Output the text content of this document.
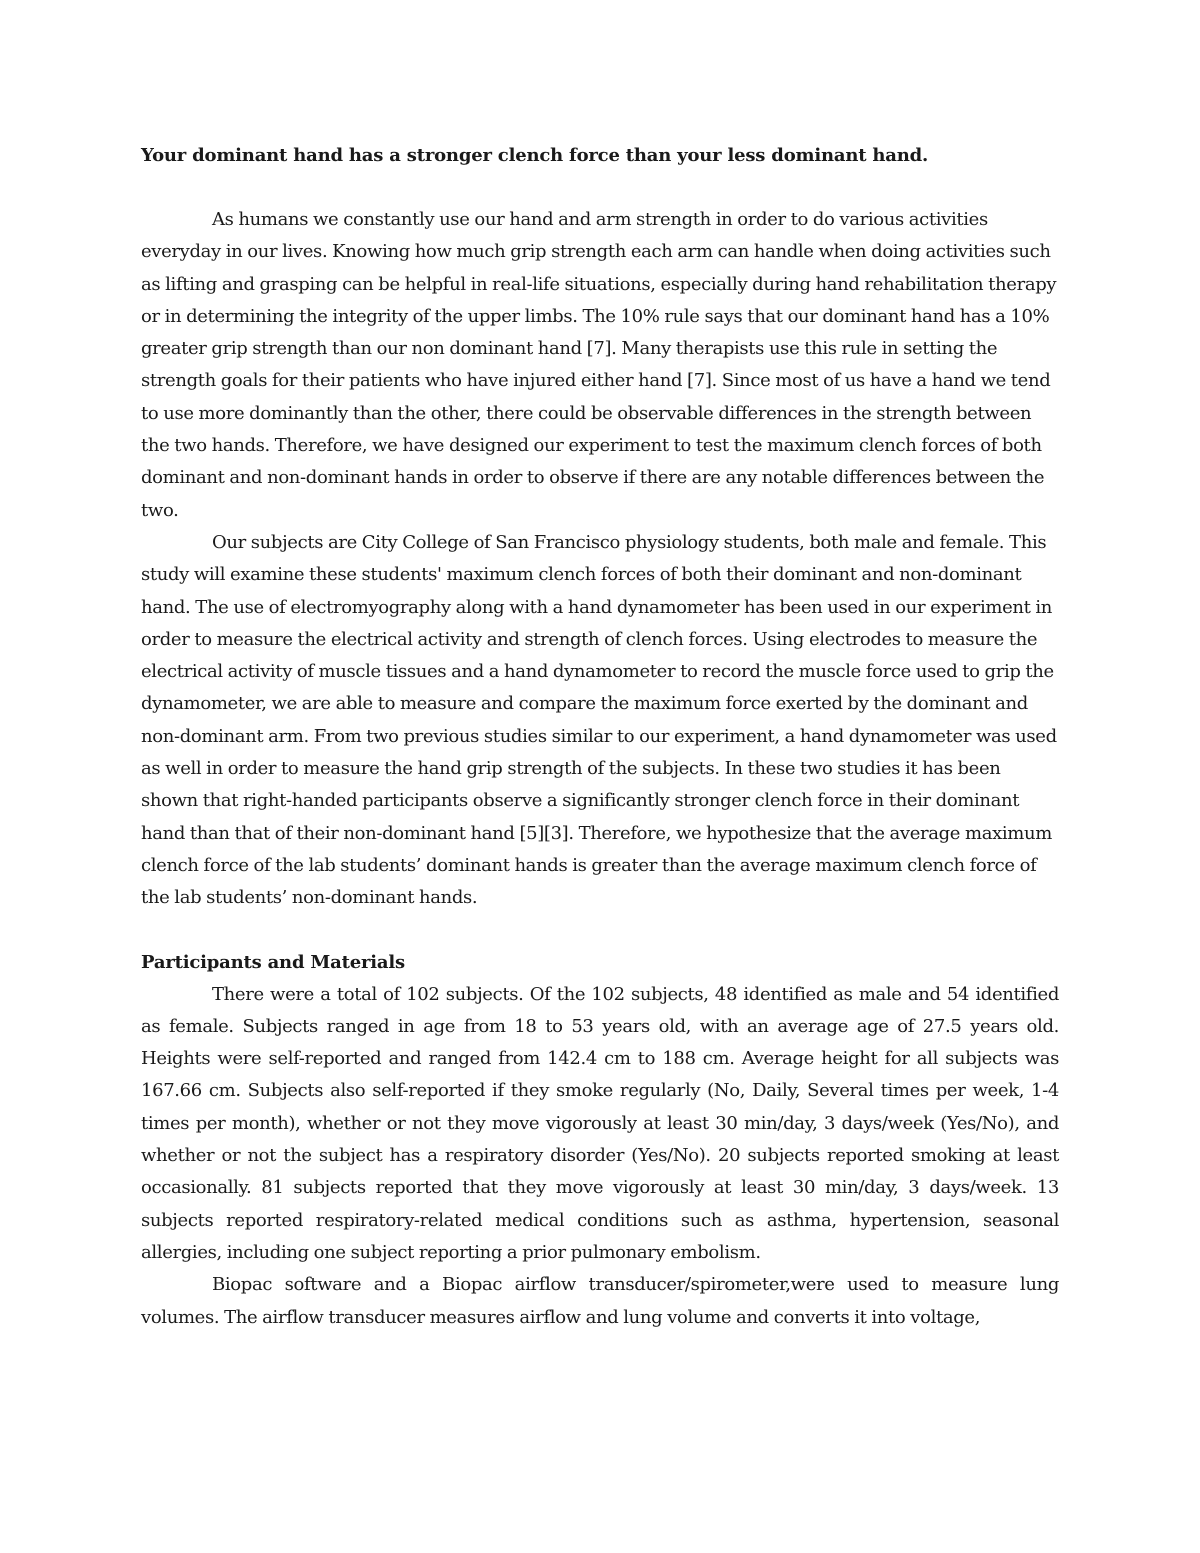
Your dominant hand has a stronger clench force than your less dominant hand.

As humans we constantly use our hand and arm strength in order to do various activities everyday in our lives. Knowing how much grip strength each arm can handle when doing activities such as lifting and grasping can be helpful in real-life situations, especially during hand rehabilitation therapy or in determining the integrity of the upper limbs. The 10% rule says that our dominant hand has a 10% greater grip strength than our non dominant hand [7]. Many therapists use this rule in setting the strength goals for their patients who have injured either hand [7]. Since most of us have a hand we tend to use more dominantly than the other, there could be observable differences in the strength between the two hands. Therefore, we have designed our experiment to test the maximum clench forces of both dominant and non-dominant hands in order to observe if there are any notable differences between the two.

Our subjects are City College of San Francisco physiology students, both male and female. This study will examine these students' maximum clench forces of both their dominant and non-dominant hand. The use of electromyography along with a hand dynamometer has been used in our experiment in order to measure the electrical activity and strength of clench forces. Using electrodes to measure the electrical activity of muscle tissues and a hand dynamometer to record the muscle force used to grip the dynamometer, we are able to measure and compare the maximum force exerted by the dominant and non-dominant arm. From two previous studies similar to our experiment, a hand dynamometer was used as well in order to measure the hand grip strength of the subjects. In these two studies it has been shown that right-handed participants observe a significantly stronger clench force in their dominant hand than that of their non-dominant hand [5][3]. Therefore, we hypothesize that the average maximum clench force of the lab students’ dominant hands is greater than the average maximum clench force of the lab students’ non-dominant hands.

Participants and Materials

There were a total of 102 subjects. Of the 102 subjects, 48 identified as male and 54 identified as female. Subjects ranged in age from 18 to 53 years old, with an average age of 27.5 years old. Heights were self-reported and ranged from 142.4 cm to 188 cm. Average height for all subjects was 167.66 cm. Subjects also self-reported if they smoke regularly (No, Daily, Several times per week, 1-4 times per month), whether or not they move vigorously at least 30 min/day, 3 days/week (Yes/No), and whether or not the subject has a respiratory disorder (Yes/No). 20 subjects reported smoking at least occasionally. 81 subjects reported that they move vigorously at least 30 min/day, 3 days/week. 13 subjects reported respiratory-related medical conditions such as asthma, hypertension, seasonal allergies, including one subject reporting a prior pulmonary embolism.

Biopac software and a Biopac airflow transducer/spirometer,were used to measure lung volumes. The airflow transducer measures airflow and lung volume and converts it into voltage,
